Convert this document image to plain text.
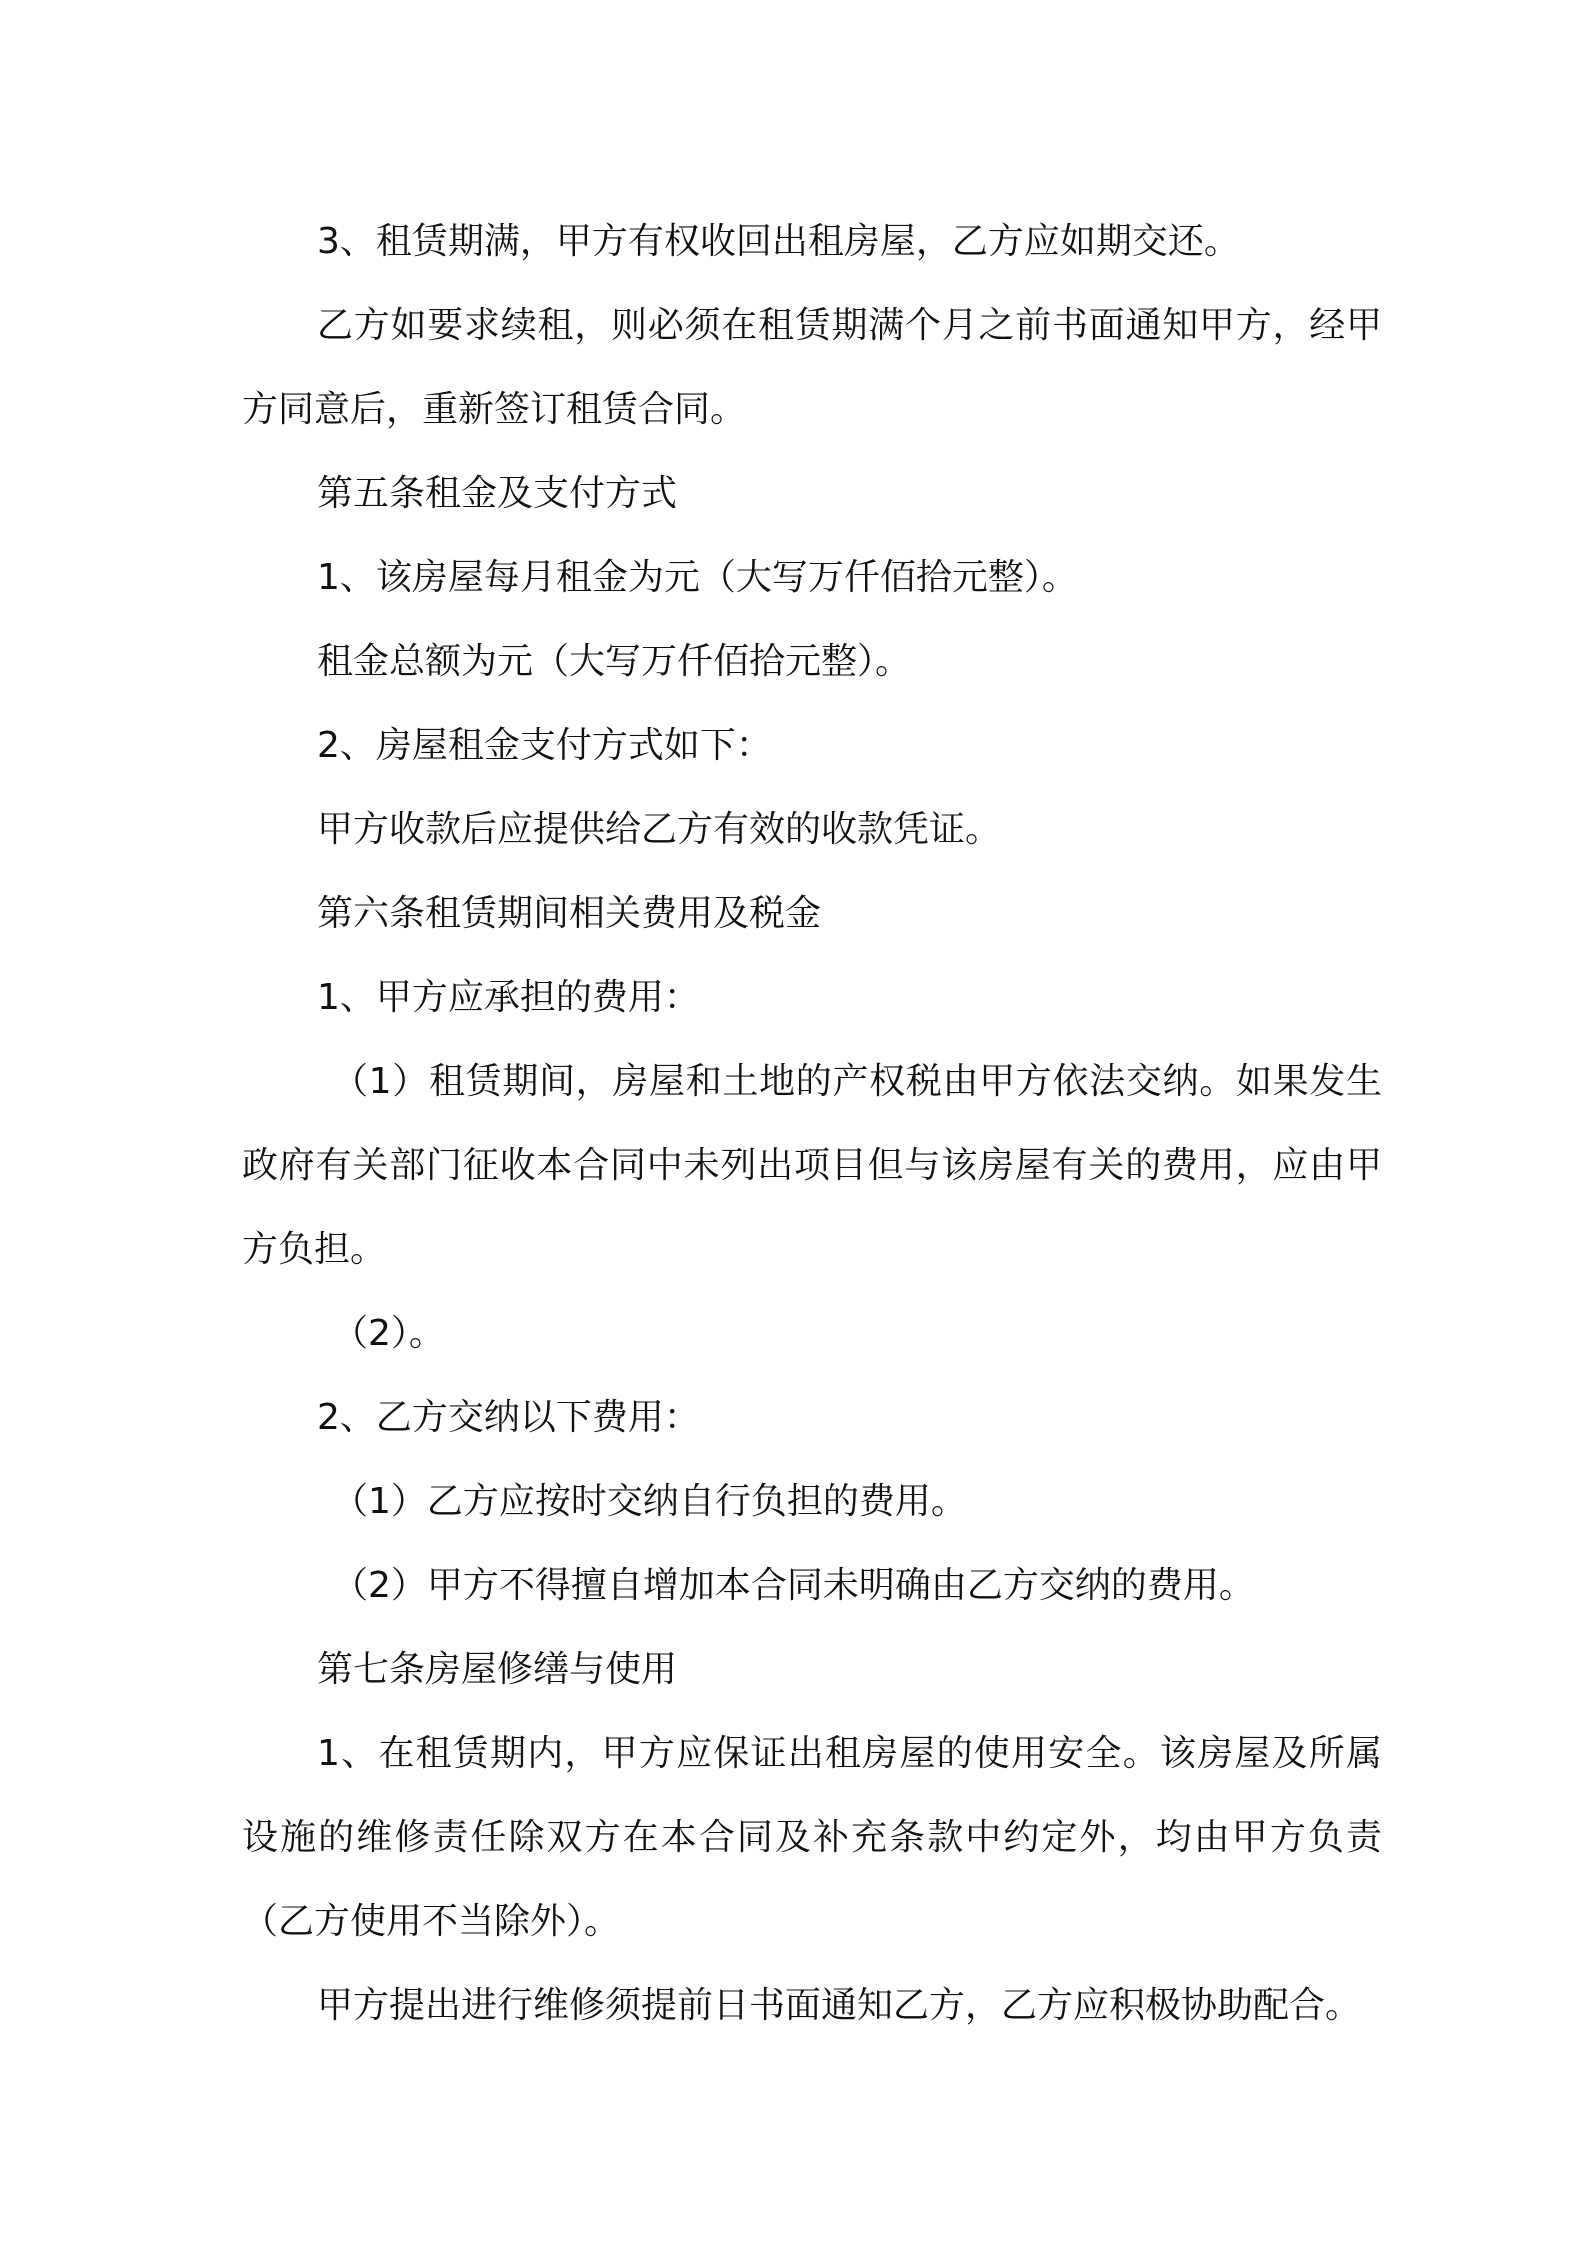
3、租赁期满，甲方有权收回出租房屋，乙方应如期交还。

乙方如要求续租，则必须在租赁期满个月之前书面通知甲方，经甲方同意后，重新签订租赁合同。

第五条租金及支付方式

1、该房屋每月租金为元（大写万仟佰拾元整）。

租金总额为元（大写万仟佰拾元整）。

2、房屋租金支付方式如下：

甲方收款后应提供给乙方有效的收款凭证。

第六条租赁期间相关费用及税金

1、甲方应承担的费用：

（1）租赁期间，房屋和土地的产权税由甲方依法交纳。如果发生政府有关部门征收本合同中未列出项目但与该房屋有关的费用，应由甲方负担。

（2）。

2、乙方交纳以下费用：

（1）乙方应按时交纳自行负担的费用。

（2）甲方不得擅自增加本合同未明确由乙方交纳的费用。

第七条房屋修缮与使用

1、在租赁期内，甲方应保证出租房屋的使用安全。该房屋及所属设施的维修责任除双方在本合同及补充条款中约定外，均由甲方负责（乙方使用不当除外）。

甲方提出进行维修须提前日书面通知乙方，乙方应积极协助配合。
